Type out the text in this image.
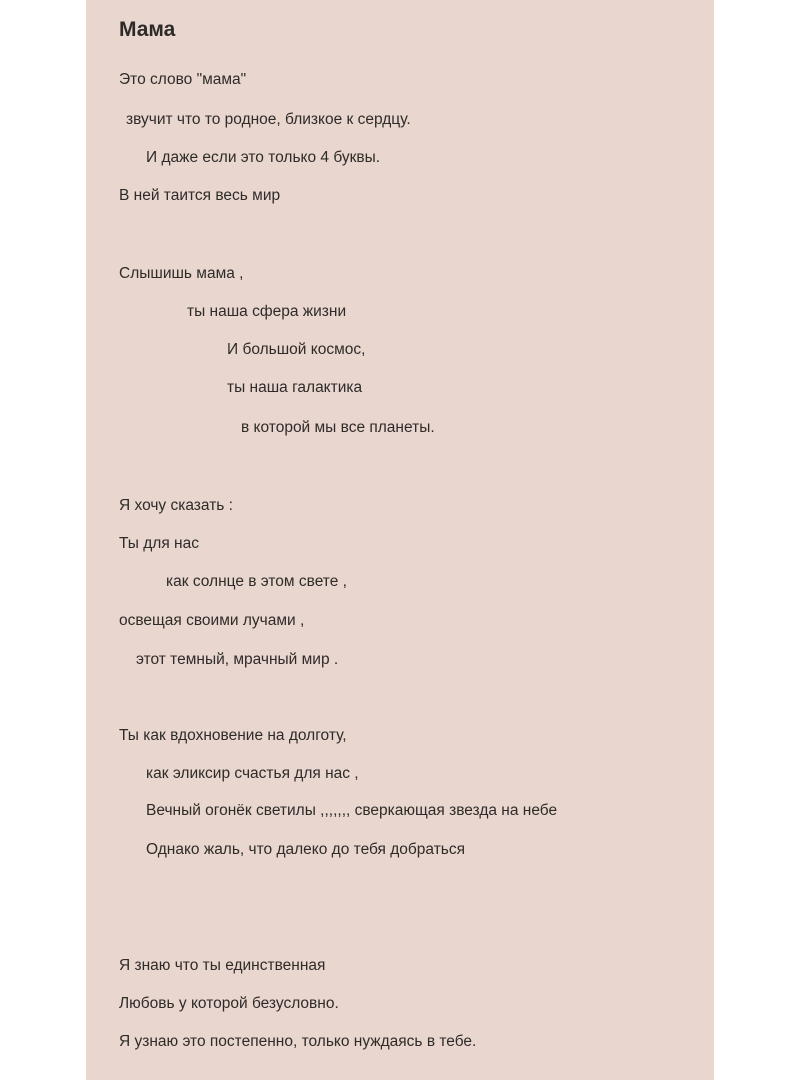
Мама
Это слово "мама"
звучит что то родное, близкое к сердцу.
И даже если это только 4 буквы.
В ней таится весь мир
Слышишь мама ,
ты наша сфера жизни
И большой космос,
ты наша галактика
в которой мы все планеты.
Я хочу сказать :
Ты для нас
как солнце в этом свете ,
освещая своими лучами ,
этот темный, мрачный мир .
Ты как вдохновение на долготу,
как эликсир счастья для нас ,
Вечный огонёк светилы ,,,,,,, сверкающая звезда на небе
Однако жаль, что далеко до тебя добраться
Я знаю что ты единственная
Любовь у которой безусловно.
Я узнаю это постепенно, только нуждаясь в тебе.
